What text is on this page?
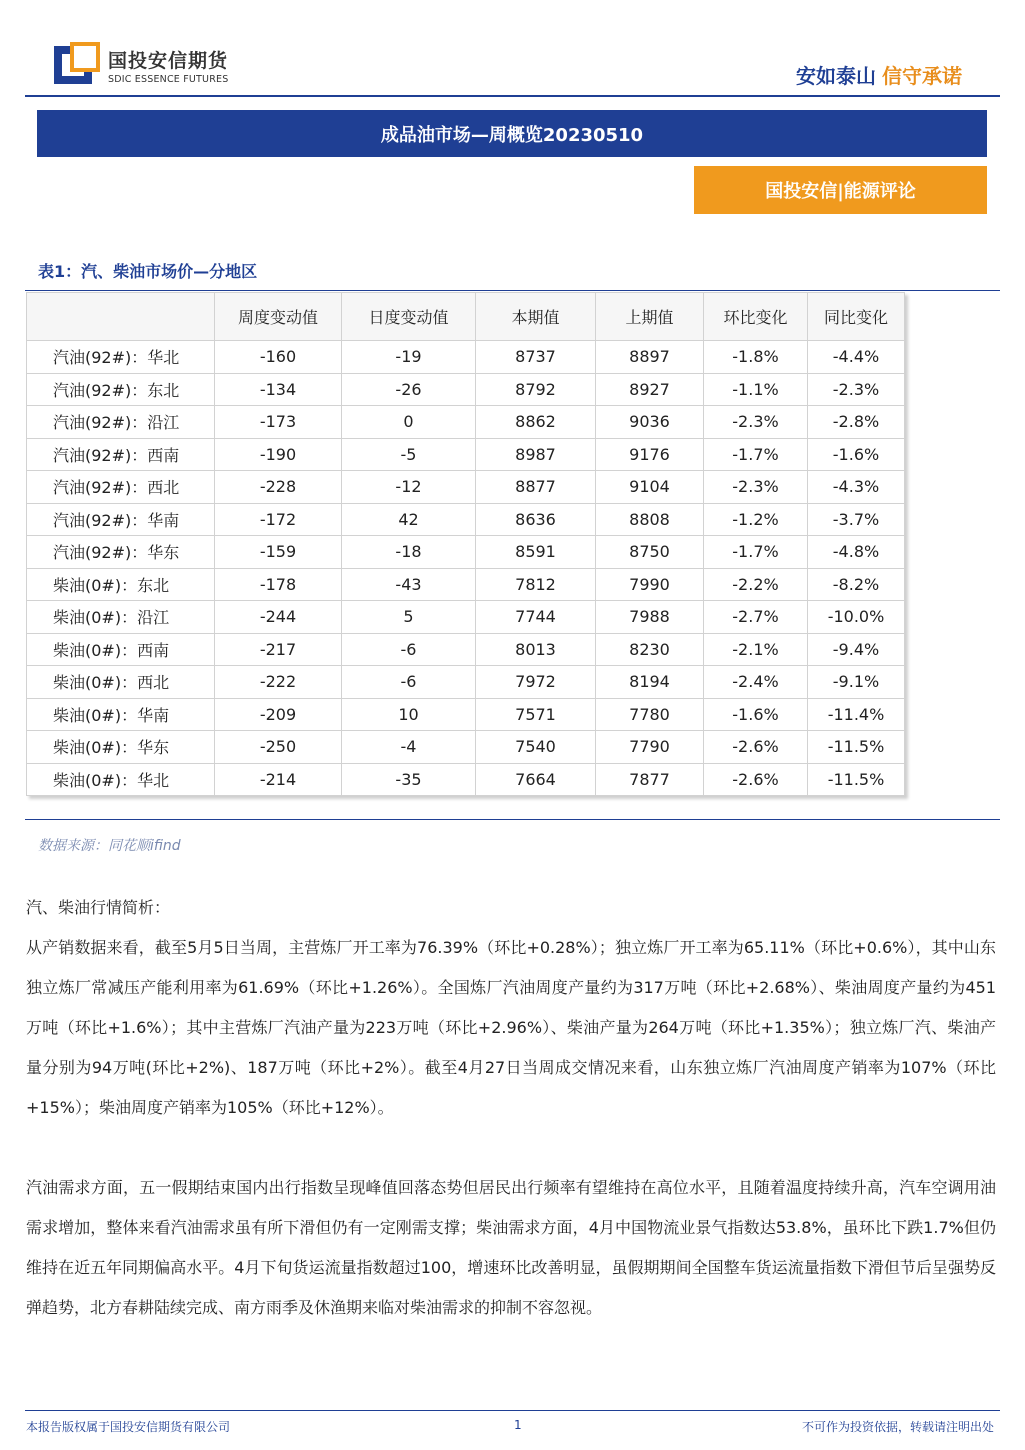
国投安信期货
SDIC ESSENCE FUTURES	安如泰山 信守承诺
成品油市场—周概览20230510
国投安信|能源评论
表1：汽、柴油市场价—分地区
	周度变动值	日度变动值	本期值	上期值	环比变化	同比变化
汽油(92#)：华北	-160	-19	8737	8897	-1.8%	-4.4%
汽油(92#)：东北	-134	-26	8792	8927	-1.1%	-2.3%
汽油(92#)：沿江	-173	0	8862	9036	-2.3%	-2.8%
汽油(92#)：西南	-190	-5	8987	9176	-1.7%	-1.6%
汽油(92#)：西北	-228	-12	8877	9104	-2.3%	-4.3%
汽油(92#)：华南	-172	42	8636	8808	-1.2%	-3.7%
汽油(92#)：华东	-159	-18	8591	8750	-1.7%	-4.8%
柴油(0#)：东北	-178	-43	7812	7990	-2.2%	-8.2%
柴油(0#)：沿江	-244	5	7744	7988	-2.7%	-10.0%
柴油(0#)：西南	-217	-6	8013	8230	-2.1%	-9.4%
柴油(0#)：西北	-222	-6	7972	8194	-2.4%	-9.1%
柴油(0#)：华南	-209	10	7571	7780	-1.6%	-11.4%
柴油(0#)：华东	-250	-4	7540	7790	-2.6%	-11.5%
柴油(0#)：华北	-214	-35	7664	7877	-2.6%	-11.5%
数据来源：同花顺ifind
汽、柴油行情简析：
从产销数据来看，截至5月5日当周，主营炼厂开工率为76.39%（环比+0.28%）；独立炼厂开工率为65.11%（环比+0.6%），其中山东独立炼厂常减压产能利用率为61.69%（环比+1.26%）。全国炼厂汽油周度产量约为317万吨（环比+2.68%）、柴油周度产量约为451万吨（环比+1.6%）；其中主营炼厂汽油产量为223万吨（环比+2.96%）、柴油产量为264万吨（环比+1.35%）；独立炼厂汽、柴油产量分别为94万吨(环比+2%)、187万吨（环比+2%）。截至4月27日当周成交情况来看，山东独立炼厂汽油周度产销率为107%（环比+15%）；柴油周度产销率为105%（环比+12%）。
汽油需求方面，五一假期结束国内出行指数呈现峰值回落态势但居民出行频率有望维持在高位水平，且随着温度持续升高，汽车空调用油需求增加，整体来看汽油需求虽有所下滑但仍有一定刚需支撑；柴油需求方面，4月中国物流业景气指数达53.8%，虽环比下跌1.7%但仍维持在近五年同期偏高水平。4月下旬货运流量指数超过100，增速环比改善明显，虽假期期间全国整车货运流量指数下滑但节后呈强势反弹趋势，北方春耕陆续完成、南方雨季及休渔期来临对柴油需求的抑制不容忽视。
本报告版权属于国投安信期货有限公司	1	不可作为投资依据，转载请注明出处
